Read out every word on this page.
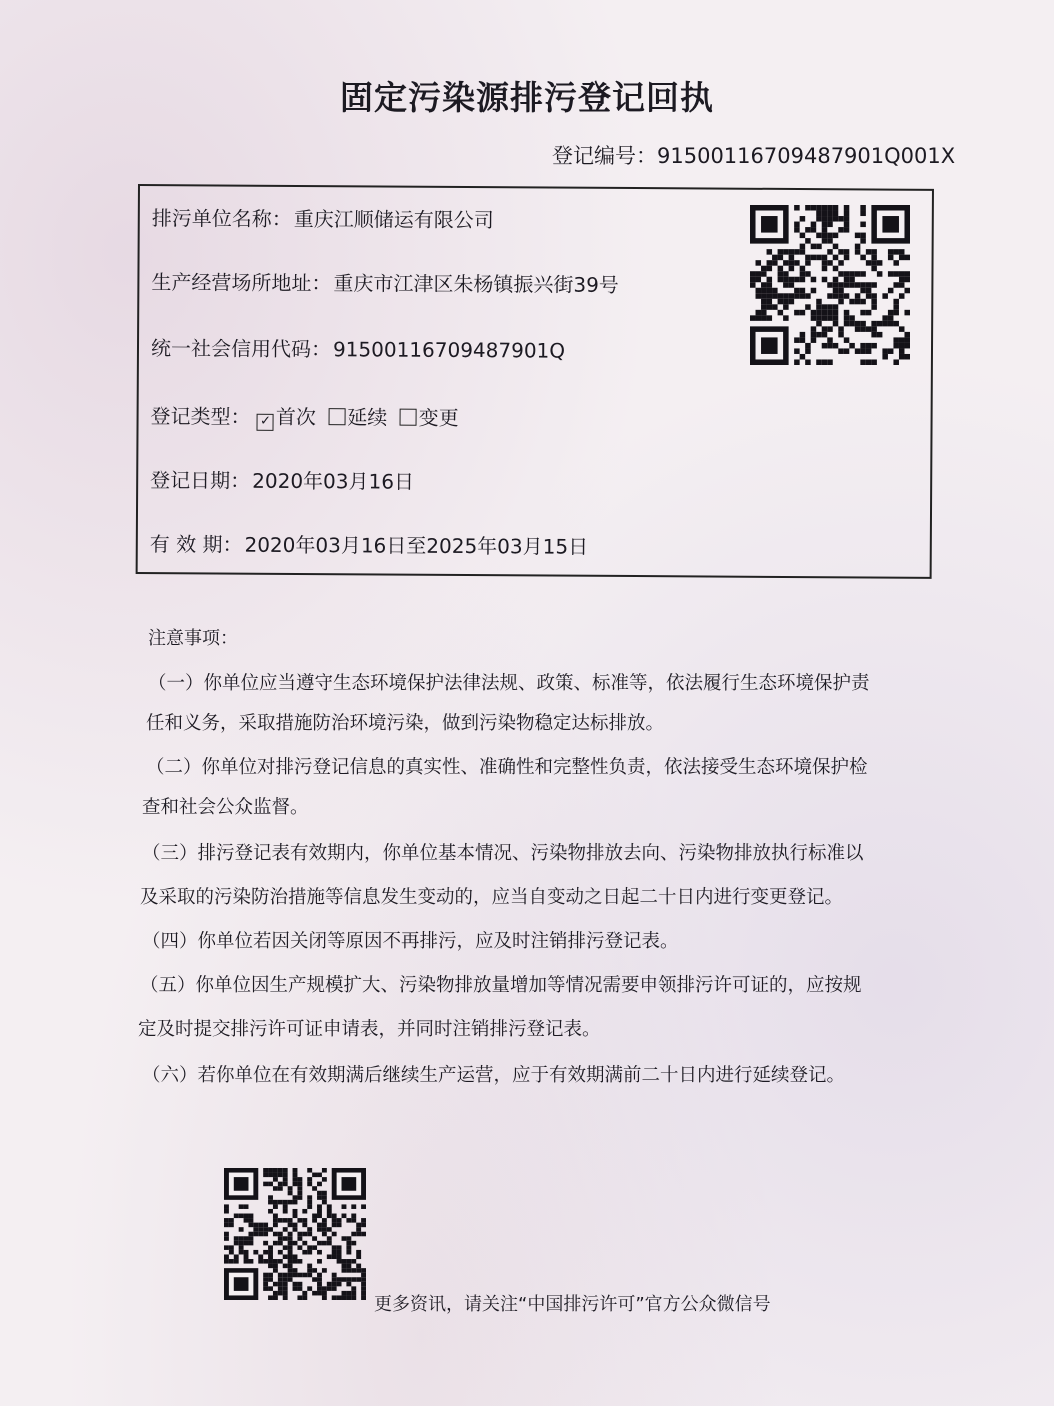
固定污染源排污登记回执
登记编号：91500116709487901Q001X
排污单位名称：重庆江顺储运有限公司
生产经营场所地址：重庆市江津区朱杨镇振兴街39号
统一社会信用代码：91500116709487901Q
登记类型： ✓ 首次 延续 变更
登记日期：2020年03月16日
有 效 期：2020年03月16日至2025年03月15日
注意事项：
（一）你单位应当遵守生态环境保护法律法规、政策、标准等，依法履行生态环境保护责
任和义务，采取措施防治环境污染，做到污染物稳定达标排放。
（二）你单位对排污登记信息的真实性、准确性和完整性负责，依法接受生态环境保护检
查和社会公众监督。
（三）排污登记表有效期内，你单位基本情况、污染物排放去向、污染物排放执行标准以
及采取的污染防治措施等信息发生变动的，应当自变动之日起二十日内进行变更登记。
（四）你单位若因关闭等原因不再排污，应及时注销排污登记表。
（五）你单位因生产规模扩大、污染物排放量增加等情况需要申领排污许可证的，应按规
定及时提交排污许可证申请表，并同时注销排污登记表。
（六）若你单位在有效期满后继续生产运营，应于有效期满前二十日内进行延续登记。
更多资讯，请关注“中国排污许可”官方公众微信号
